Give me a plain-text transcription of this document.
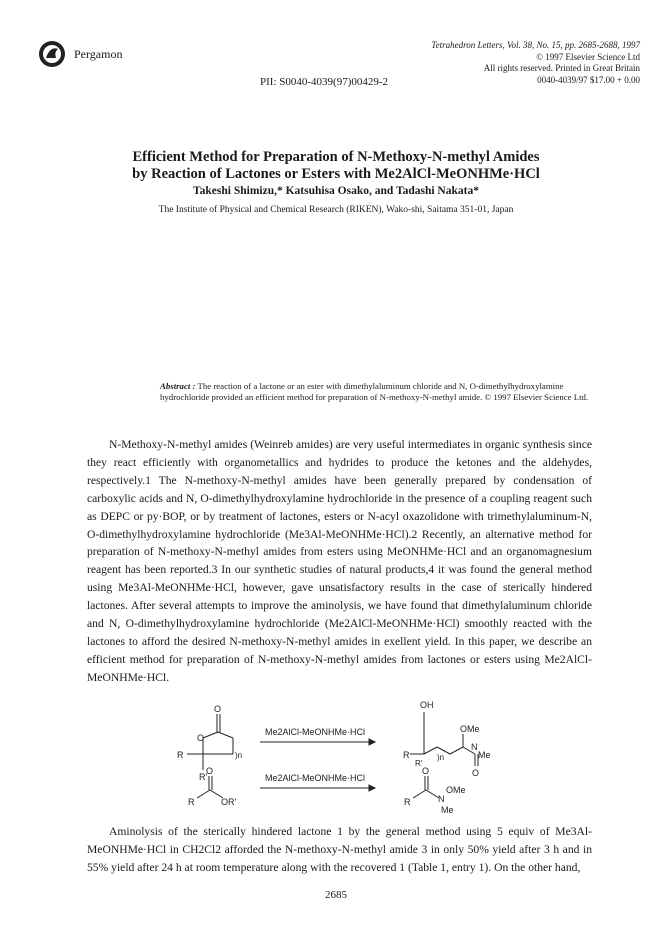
Pergamon
Tetrahedron Letters, Vol. 38, No. 15, pp. 2685-2688, 1997
© 1997 Elsevier Science Ltd
All rights reserved. Printed in Great Britain
0040-4039/97 $17.00 + 0.00
PII: S0040-4039(97)00429-2
Efficient Method for Preparation of N-Methoxy-N-methyl Amides
by Reaction of Lactones or Esters with Me2AlCl-MeONHMe·HCl
Takeshi Shimizu,* Katsuhisa Osako, and Tadashi Nakata*
The Institute of Physical and Chemical Research (RIKEN), Wako-shi, Saitama 351-01, Japan
Abstract : The reaction of a lactone or an ester with dimethylaluminum chloride and N, O-dimethylhydroxylamine hydrochloride provided an efficient method for preparation of N-methoxy-N-methyl amide. © 1997 Elsevier Science Ltd.
N-Methoxy-N-methyl amides (Weinreb amides) are very useful intermediates in organic synthesis since they react efficiently with organometallics and hydrides to produce the ketones and the aldehydes, respectively.1 The N-methoxy-N-methyl amides have been generally prepared by condensation of carboxylic acids and N, O-dimethylhydroxylamine hydrochloride in the presence of a coupling reagent such as DEPC or py·BOP, or by treatment of lactones, esters or N-acyl oxazolidone with trimethylaluminum-N, O-dimethylhydroxylamine hydrochloride (Me3Al-MeONHMe·HCl).2 Recently, an alternative method for preparation of N-methoxy-N-methyl amides from esters using MeONHMe·HCl and an organomagnesium reagent has been reported.3 In our synthetic studies of natural products,4 it was found the general method using Me3Al-MeONHMe·HCl, however, gave unsatisfactory results in the case of sterically hindered lactones. After several attempts to improve the aminolysis, we have found that dimethylaluminum chloride and N, O-dimethylhydroxylamine hydrochloride (Me2AlCl-MeONHMe·HCl) smoothly reacted with the lactones to afford the desired N-methoxy-N-methyl amides in exellent yield. In this paper, we describe an efficient method for preparation of N-methoxy-N-methyl amides from lactones or esters using Me2AlCl-MeONHMe·HCl.
O
O
R
R'
)n
Me2AlCl-MeONHMe·HCl
OH
R
R'
)n
OMe
N
Me
O
O
R	OR'
Me2AlCl-MeONHMe·HCl
O
R	N
OMe
Me
Aminolysis of the sterically hindered lactone 1 by the general method using 5 equiv of Me3Al-MeONHMe·HCl in CH2Cl2 afforded the N-methoxy-N-methyl amide 3 in only 50% yield after 3 h and in 55% yield after 24 h at room temperature along with the recovered 1 (Table 1, entry 1). On the other hand,
2685
